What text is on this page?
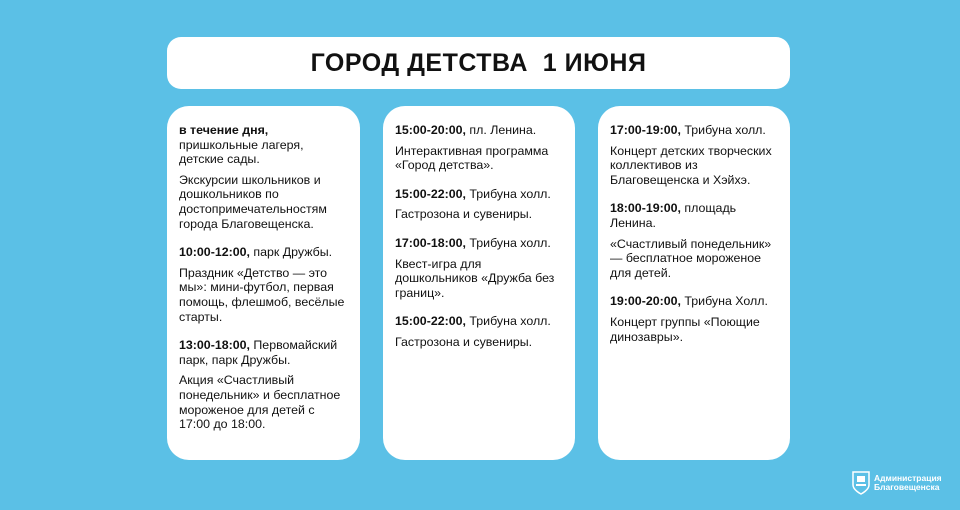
ГОРОД ДЕТСТВА  1 ИЮНЯ

в течение дня, пришкольные лагеря, детские сады.

Экскурсии школьников и дошкольников по достопримечательностям города Благовещенска.

10:00-12:00, парк Дружбы.

Праздник «Детство — это мы»: мини-футбол, первая помощь, флешмоб, весёлые старты.

13:00-18:00, Первомайский парк, парк Дружбы.

Акция «Счастливый понедельник» и бесплатное мороженое для детей с 17:00 до 18:00.

15:00-20:00, пл. Ленина.

Интерактивная программа «Город детства».

15:00-22:00, Трибуна холл.

Гастрозона и сувениры.

17:00-18:00, Трибуна холл.

Квест-игра для дошкольников «Дружба без границ».

15:00-22:00, Трибуна холл.

Гастрозона и сувениры.

17:00-19:00, Трибуна холл.

Концерт детских творческих коллективов из Благовещенска и Хэйхэ.

18:00-19:00, площадь Ленина.

«Счастливый понедельник» — бесплатное мороженое для детей.

19:00-20:00, Трибуна Холл.

Концерт группы «Поющие динозавры».

Администрация
Благовещенска
